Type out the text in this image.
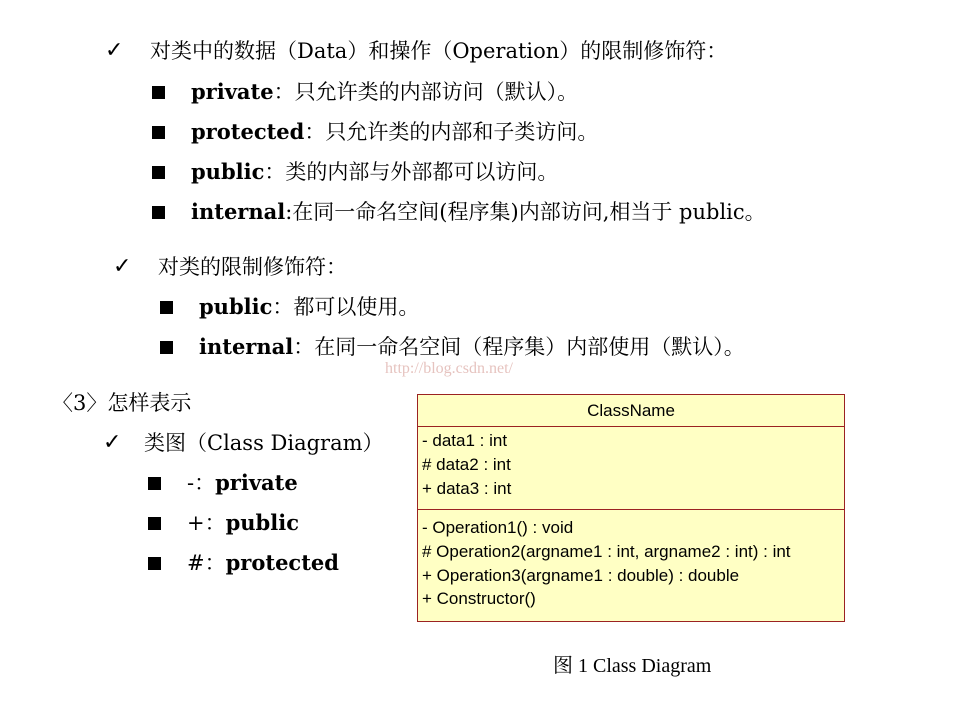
✓ 对类中的数据（Data）和操作（Operation）的限制修饰符：
private：只允许类的内部访问（默认）。
protected：只允许类的内部和子类访问。
public：类的内部与外部都可以访问。
internal:在同一命名空间(程序集)内部访问,相当于 public。
✓ 对类的限制修饰符：
public：都可以使用。
internal：在同一命名空间（程序集）内部使用（默认）。
http://blog.csdn.net/
〈3〉怎样表示
✓ 类图（Class Diagram）
-：private
+：public
#：protected
ClassName
- data1 : int
# data2 : int
+ data3 : int
- Operation1() : void
# Operation2(argname1 : int, argname2 : int) : int
+ Operation3(argname1 : double) : double
+ Constructor()
图 1 Class Diagram
